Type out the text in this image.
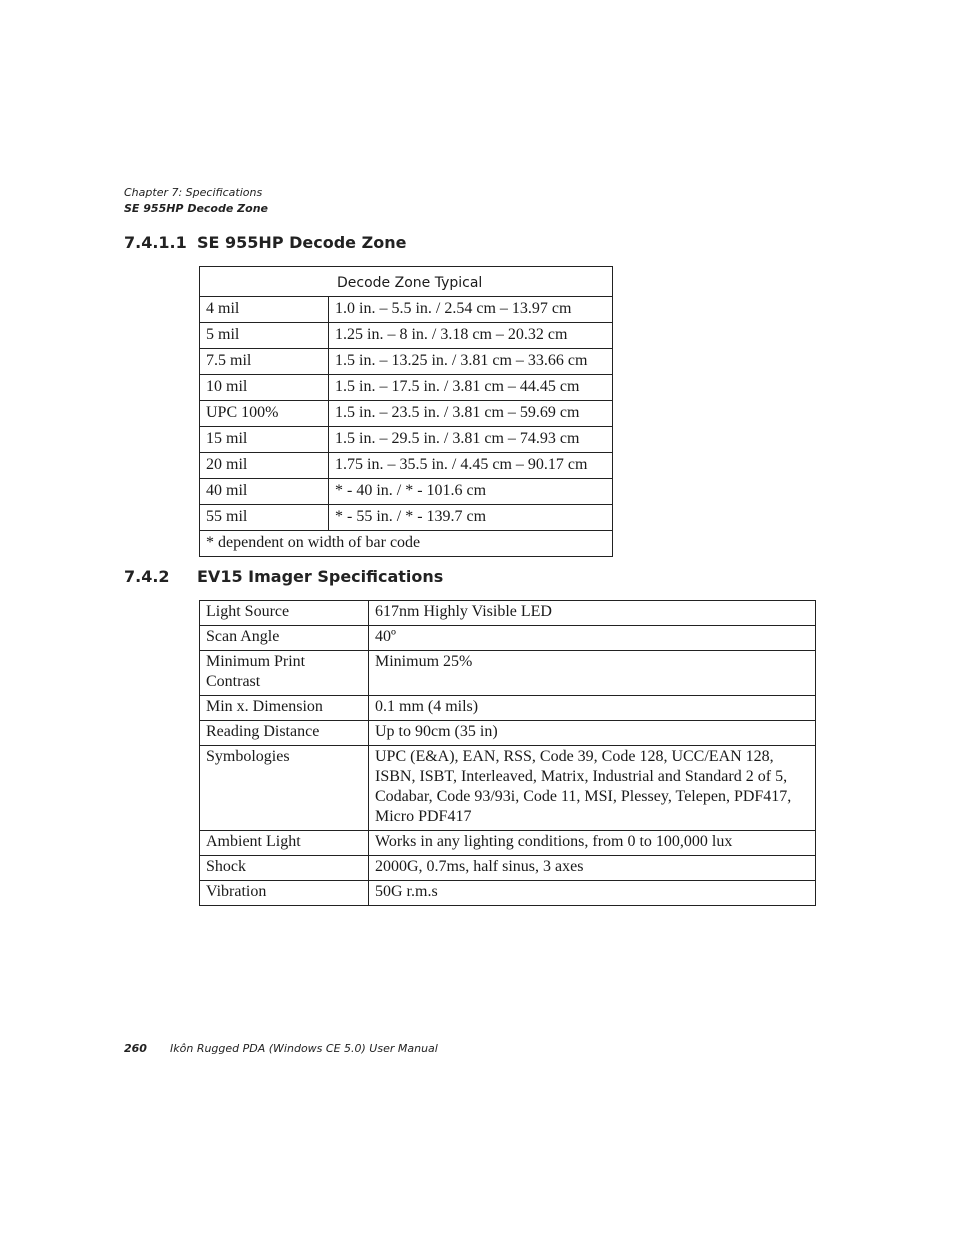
Chapter 7: Specifications
SE 955HP Decode Zone
7.4.1.1 SE 955HP Decode Zone
Decode Zone Typical	

4 mil	1.0 in. – 5.5 in. / 2.54 cm – 13.97 cm
5 mil	1.25 in. – 8 in. / 3.18 cm – 20.32 cm
7.5 mil	1.5 in. – 13.25 in. / 3.81 cm – 33.66 cm
10 mil	1.5 in. – 17.5 in. / 3.81 cm – 44.45 cm
UPC 100%	1.5 in. – 23.5 in. / 3.81 cm – 59.69 cm
15 mil	1.5 in. – 29.5 in. / 3.81 cm – 74.93 cm
20 mil	1.75 in. – 35.5 in. / 4.45 cm – 90.17 cm
40 mil	* - 40 in. / * - 101.6 cm
55 mil	* - 55 in. / * - 139.7 cm
* dependent on width of bar code	
7.4.2 EV15 Imager Specifications
Light Source	617nm Highly Visible LED
Scan Angle	40º
Minimum Print Contrast	Minimum 25%
Min x. Dimension	0.1 mm (4 mils)
Reading Distance	Up to 90cm (35 in)
Symbologies	UPC (E&A), EAN, RSS, Code 39, Code 128, UCC/EAN 128, ISBN, ISBT, Interleaved, Matrix, Industrial and Standard 2 of 5, Codabar, Code 93/93i, Code 11, MSI, Plessey, Telepen, PDF417, Micro PDF417
Ambient Light	Works in any lighting conditions, from 0 to 100,000 lux
Shock	2000G, 0.7ms, half sinus, 3 axes
Vibration	50G r.m.s
260 Ikôn Rugged PDA (Windows CE 5.0) User Manual
